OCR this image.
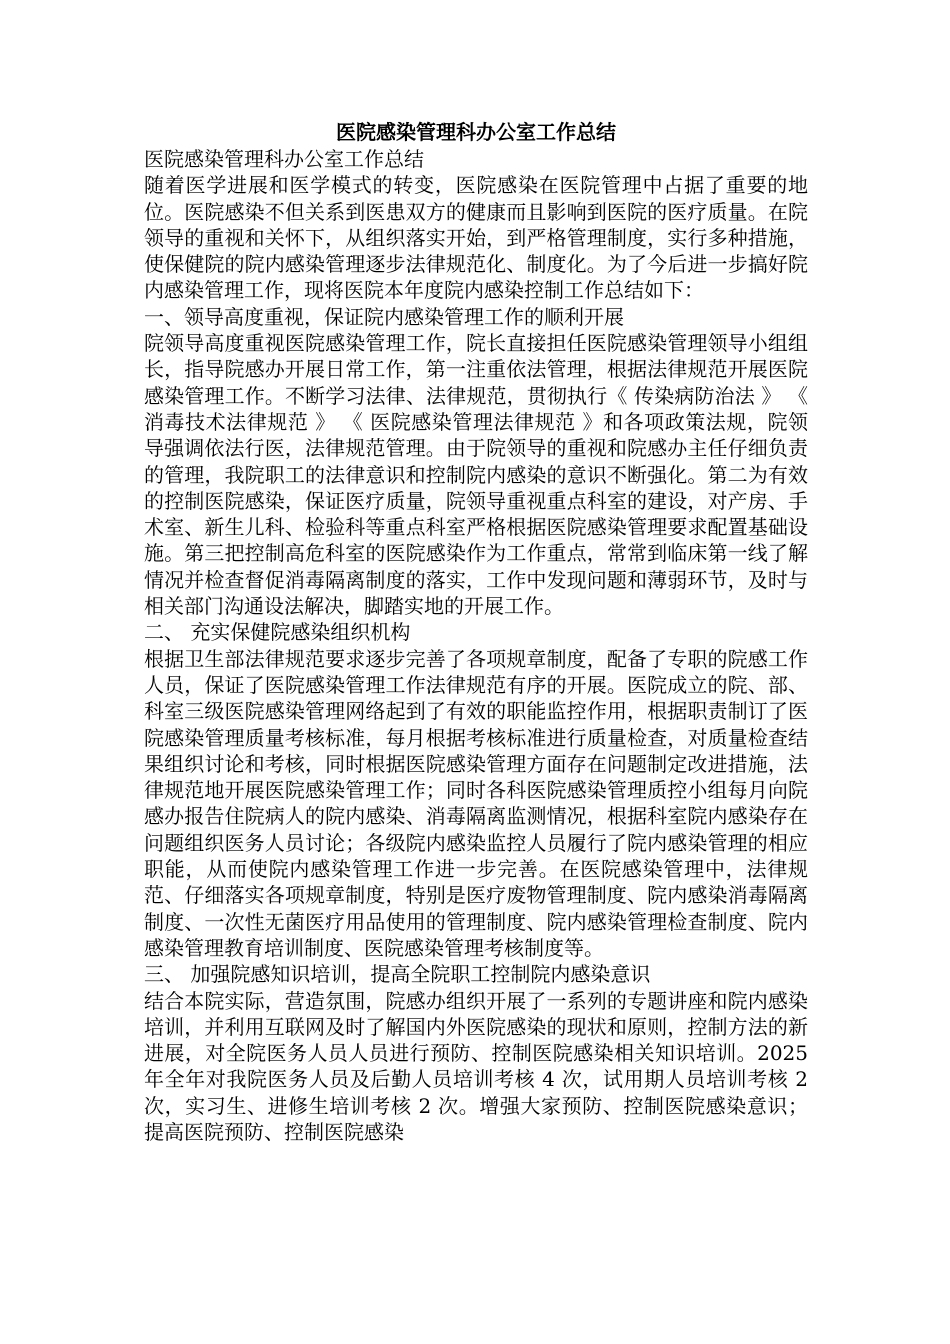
医院感染管理科办公室工作总结

医院感染管理科办公室工作总结

随着医学进展和医学模式的转变，医院感染在医院管理中占据了重要的地位。医院感染不但关系到医患双方的健康而且影响到医院的医疗质量。在院领导的重视和关怀下，从组织落实开始，到严格管理制度，实行多种措施，使保健院的院内感染管理逐步法律规范化、制度化。为了今后进一步搞好院内感染管理工作，现将医院本年度院内感染控制工作总结如下：

一、领导高度重视，保证院内感染管理工作的顺利开展

院领导高度重视医院感染管理工作，院长直接担任医院感染管理领导小组组长，指导院感办开展日常工作，第一注重依法管理，根据法律规范开展医院感染管理工作。不断学习法律、法律规范，贯彻执行《 传染病防治法 》 《 消毒技术法律规范 》 《 医院感染管理法律规范 》和各项政策法规，院领导强调依法行医，法律规范管理。由于院领导的重视和院感办主任仔细负责的管理，我院职工的法律意识和控制院内感染的意识不断强化。第二为有效的控制医院感染，保证医疗质量，院领导重视重点科室的建设，对产房、手术室、新生儿科、检验科等重点科室严格根据医院感染管理要求配置基础设施。第三把控制高危科室的医院感染作为工作重点，常常到临床第一线了解情况并检查督促消毒隔离制度的落实，工作中发现问题和薄弱环节，及时与相关部门沟通设法解决，脚踏实地的开展工作。

二、 充实保健院感染组织机构

根据卫生部法律规范要求逐步完善了各项规章制度，配备了专职的院感工作人员，保证了医院感染管理工作法律规范有序的开展。医院成立的院、部、科室三级医院感染管理网络起到了有效的职能监控作用，根据职责制订了医院感染管理质量考核标准，每月根据考核标准进行质量检查，对质量检查结果组织讨论和考核，同时根据医院感染管理方面存在问题制定改进措施，法律规范地开展医院感染管理工作；同时各科医院感染管理质控小组每月向院感办报告住院病人的院内感染、消毒隔离监测情况，根据科室院内感染存在问题组织医务人员讨论；各级院内感染监控人员履行了院内感染管理的相应职能，从而使院内感染管理工作进一步完善。在医院感染管理中，法律规范、仔细落实各项规章制度，特别是医疗废物管理制度、院内感染消毒隔离制度、一次性无菌医疗用品使用的管理制度、院内感染管理检查制度、院内感染管理教育培训制度、医院感染管理考核制度等。

三、 加强院感知识培训，提高全院职工控制院内感染意识

结合本院实际，营造氛围，院感办组织开展了一系列的专题讲座和院内感染培训，并利用互联网及时了解国内外医院感染的现状和原则，控制方法的新进展，对全院医务人员人员进行预防、控制医院感染相关知识培训。2025 年全年对我院医务人员及后勤人员培训考核 4 次，试用期人员培训考核 2 次，实习生、进修生培训考核 2 次。增强大家预防、控制医院感染意识；提高医院预防、控制医院感染
